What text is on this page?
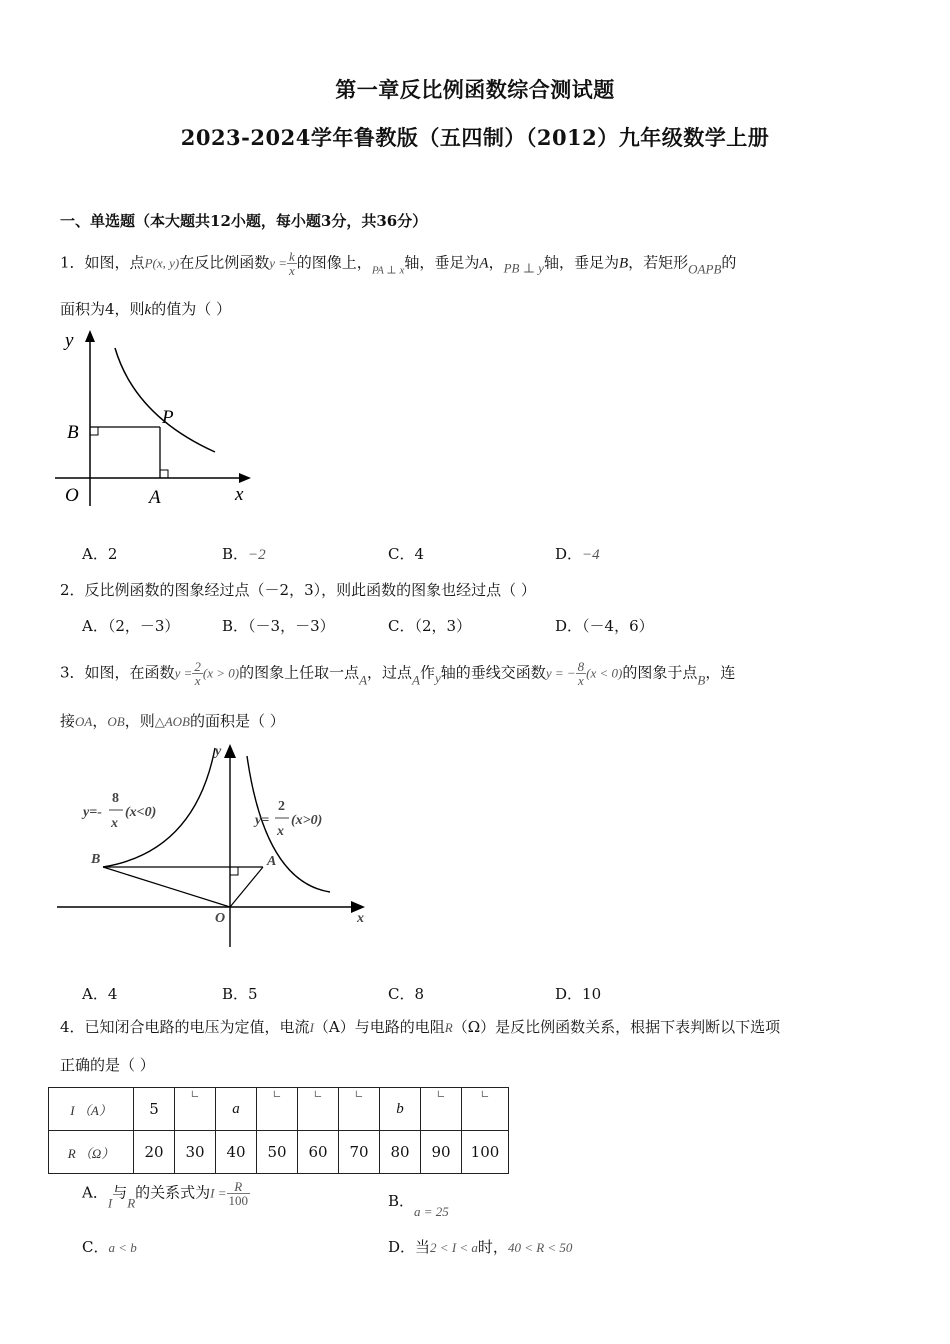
第一章反比例函数综合测试题
2023-2024学年鲁教版（五四制）（2012）九年级数学上册
一、单选题（本大题共12小题，每小题3分，共36分）
1．如图，点P(x, y)在反比例函数$y = \frac{k}{x}$ 的图像上，$_{PA \perp x}$轴，垂足为A，PB ⊥ y轴，垂足为B，若矩形OAPB的
面积为4，则k的值为（ ）
y
x
O
B
P
A
A．2	B．−2	C．4	D．−4
2．反比例函数的图象经过点（－2，3），则此函数的图象也经过点（ ）
A．（2，－3）	B．（－3，－3）	C．（2，3）	D．（－4，6）
3．如图，在函数$y = \frac{2}{x} (x > 0)$的图象上任取一点A，过点A作y轴的垂线交函数y = − $\frac{8}{x} (x < 0)$的图象于点B，连
接OA，OB，则△AOB的面积是（ ）
y=-
8
x
(x<0)
y=
2
x
(x>0)
y
x
O
A
B
A．4	B．5	C．8	D．10
4．已知闭合电路的电压为定值，电流I（A）与电路的电阻R（Ω）是反比例函数关系，根据下表判断以下选项
正确的是（ ）
I （A）	5	∟	a	∟	∟	∟	b	∟	∟
R （Ω）	20	30	40	50	60	70	80	90	100
A．I与R的关系式为$I = \frac{R}{100}$	B．a = 25
C．a < b	D．当2 < I < a时，40 < R < 50
